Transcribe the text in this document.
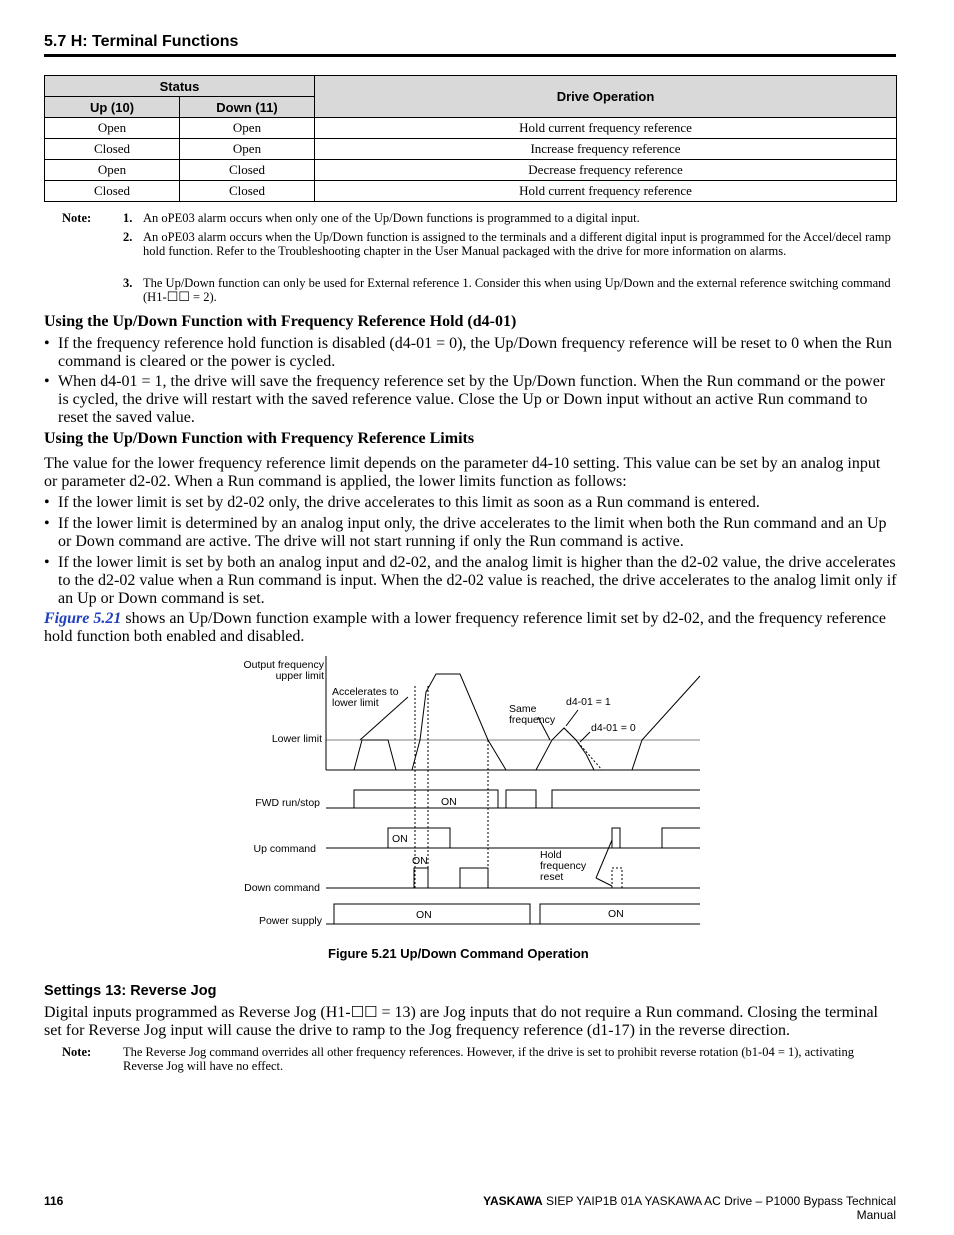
5.7 H: Terminal Functions
Status		Drive Operation
Up (10)	Down (11)	
Open	Open	Hold current frequency reference
Closed	Open	Increase frequency reference
Open	Closed	Decrease frequency reference
Closed	Closed	Hold current frequency reference
Note:	1. An oPE03 alarm occurs when only one of the Up/Down functions is programmed to a digital input.
2. An oPE03 alarm occurs when the Up/Down function is assigned to the terminals and a different digital input is programmed for the Accel/decel ramp hold function. Refer to the Troubleshooting chapter in the User Manual packaged with the drive for more information on alarms.
3. The Up/Down function can only be used for External reference 1. Consider this when using Up/Down and the external reference switching command (H1-☐☐ = 2).
Using the Up/Down Function with Frequency Reference Hold (d4-01)
• If the frequency reference hold function is disabled (d4-01 = 0), the Up/Down frequency reference will be reset to 0 when the Run command is cleared or the power is cycled.
• When d4-01 = 1, the drive will save the frequency reference set by the Up/Down function. When the Run command or the power is cycled, the drive will restart with the saved reference value. Close the Up or Down input without an active Run command to reset the saved value.
Using the Up/Down Function with Frequency Reference Limits
The value for the lower frequency reference limit depends on the parameter d4-10 setting. This value can be set by an analog input or parameter d2-02. When a Run command is applied, the lower limits function as follows:
• If the lower limit is set by d2-02 only, the drive accelerates to this limit as soon as a Run command is entered.
• If the lower limit is determined by an analog input only, the drive accelerates to the limit when both the Run command and an Up or Down command are active. The drive will not start running if only the Run command is active.
• If the lower limit is set by both an analog input and d2-02, and the analog limit is higher than the d2-02 value, the drive accelerates to the d2-02 value when a Run command is input. When the d2-02 value is reached, the drive accelerates to the analog limit only if an Up or Down command is set.
Figure 5.21 shows an Up/Down function example with a lower frequency reference limit set by d2-02, and the frequency reference hold function both enabled and disabled.
Output frequency
upper limit
Lower limit
Accelerates to
lower limit	Same
frequency
d4-01 = 1
d4-01 = 0
FWD run/stop	ON
Up command
ON
ON	Hold
frequency
reset
Down command
Power supply	ON	ON
Figure 5.21 Up/Down Command Operation
Settings 13: Reverse Jog
Digital inputs programmed as Reverse Jog (H1-☐☐ = 13) are Jog inputs that do not require a Run command. Closing the terminal set for Reverse Jog input will cause the drive to ramp to the Jog frequency reference (d1-17) in the reverse direction.
Note:	The Reverse Jog command overrides all other frequency references. However, if the drive is set to prohibit reverse rotation (b1-04 = 1), activating Reverse Jog will have no effect.
116	YASKAWA SIEP YAIP1B 01A YASKAWA AC Drive – P1000 Bypass Technical Manual
